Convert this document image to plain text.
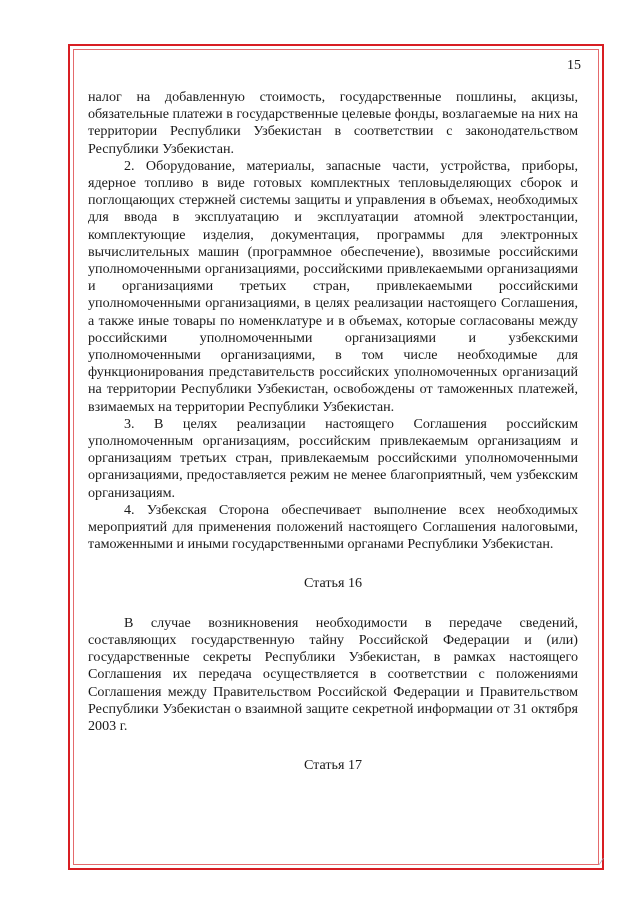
15

налог на добавленную стоимость, государственные пошлины, акцизы, обязательные платежи в государственные целевые фонды, возлагаемые на них на территории Республики Узбекистан в соответствии с законодательством Республики Узбекистан.

2. Оборудование, материалы, запасные части, устройства, приборы, ядерное топливо в виде готовых комплектных тепловыделяющих сборок и поглощающих стержней системы защиты и управления в объемах, необходимых для ввода в эксплуатацию и эксплуатации атомной электростанции, комплектующие изделия, документация, программы для электронных вычислительных машин (программное обеспечение), ввозимые российскими уполномоченными организациями, российскими привлекаемыми организациями и организациями третьих стран, привлекаемыми российскими уполномоченными организациями, в целях реализации настоящего Соглашения, а также иные товары по номенклатуре и в объемах, которые согласованы между российскими уполномоченными организациями и узбекскими уполномоченными организациями, в том числе необходимые для функционирования представительств российских уполномоченных организаций на территории Республики Узбекистан, освобождены от таможенных платежей, взимаемых на территории Республики Узбекистан.

3. В целях реализации настоящего Соглашения российским уполномоченным организациям, российским привлекаемым организациям и организациям третьих стран, привлекаемым российскими уполномоченными организациями, предоставляется режим не менее благоприятный, чем узбекским организациям.

4. Узбекская Сторона обеспечивает выполнение всех необходимых мероприятий для применения положений настоящего Соглашения налоговыми, таможенными и иными государственными органами Республики Узбекистан.

Статья 16

В случае возникновения необходимости в передаче сведений, составляющих государственную тайну Российской Федерации и (или) государственные секреты Республики Узбекистан, в рамках настоящего Соглашения их передача осуществляется в соответствии с положениями Соглашения между Правительством Российской Федерации и Правительством Республики Узбекистан о взаимной защите секретной информации от 31 октября 2003 г.

Статья 17

⁄
